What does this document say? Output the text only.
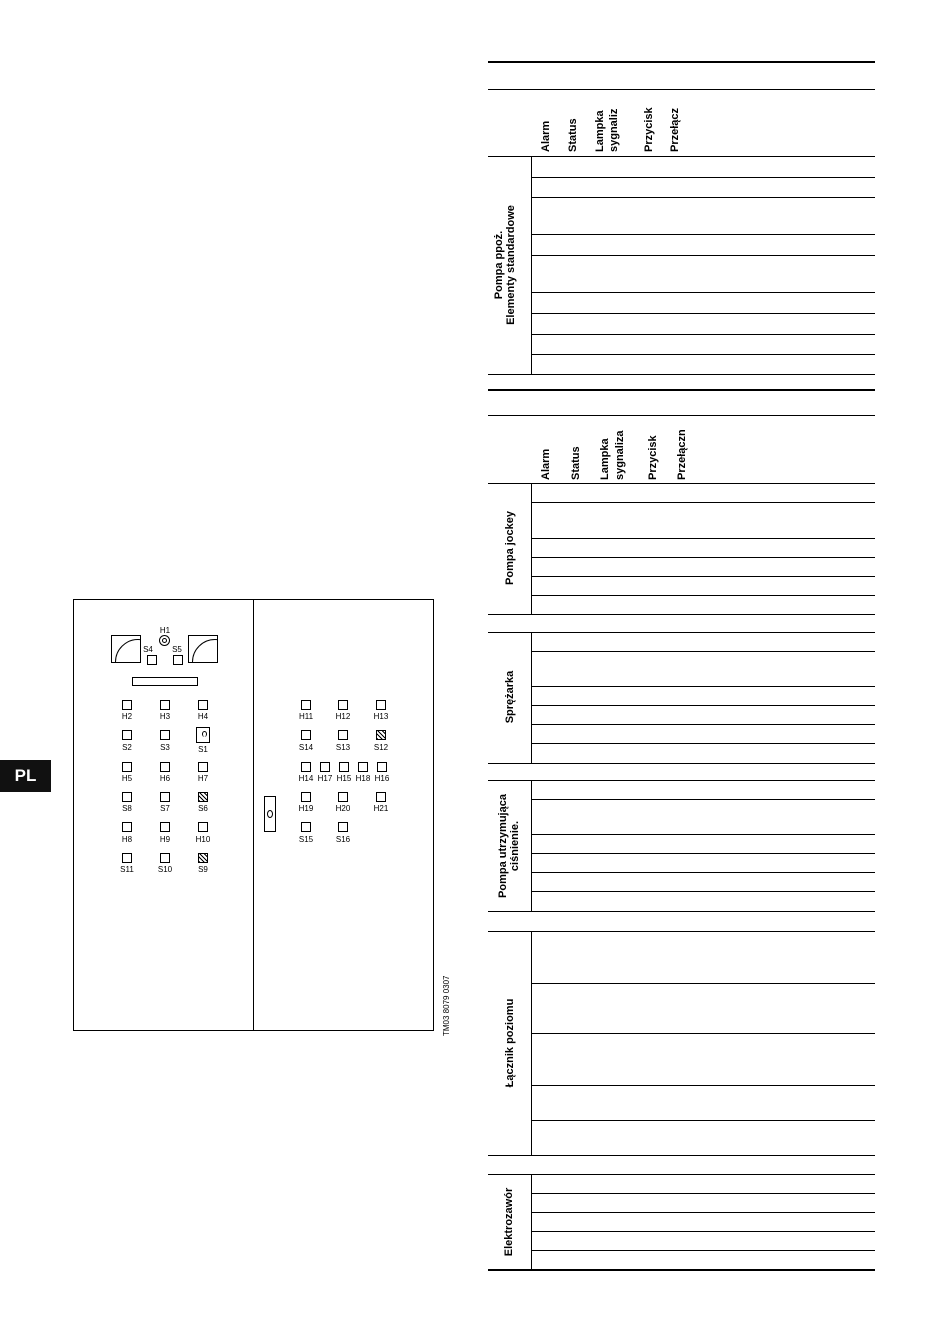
PL
H1
S4	S5
H2	H3	H4
S2	S3	S1
H5	H6	H7
S8	S7	S6
H8	H9	H10
S11	S10	S9
H11	H12	H13
S14	S13	S12
H14 H17 H15 H18 H16
H19	H20	H21
S15	S16
TM03 8079 0307
Alarm Status Lampka sygnaliz Przycisk Przełącz
Pompa ppoż.
Elementy standardowe
Alarm Status Lampka sygnaliza Przycisk Przełączn
Pompa jockey
Sprężarka
Pompa utrzymująca
ciśnienie.
Łącznik poziomu
Elektrozawór
